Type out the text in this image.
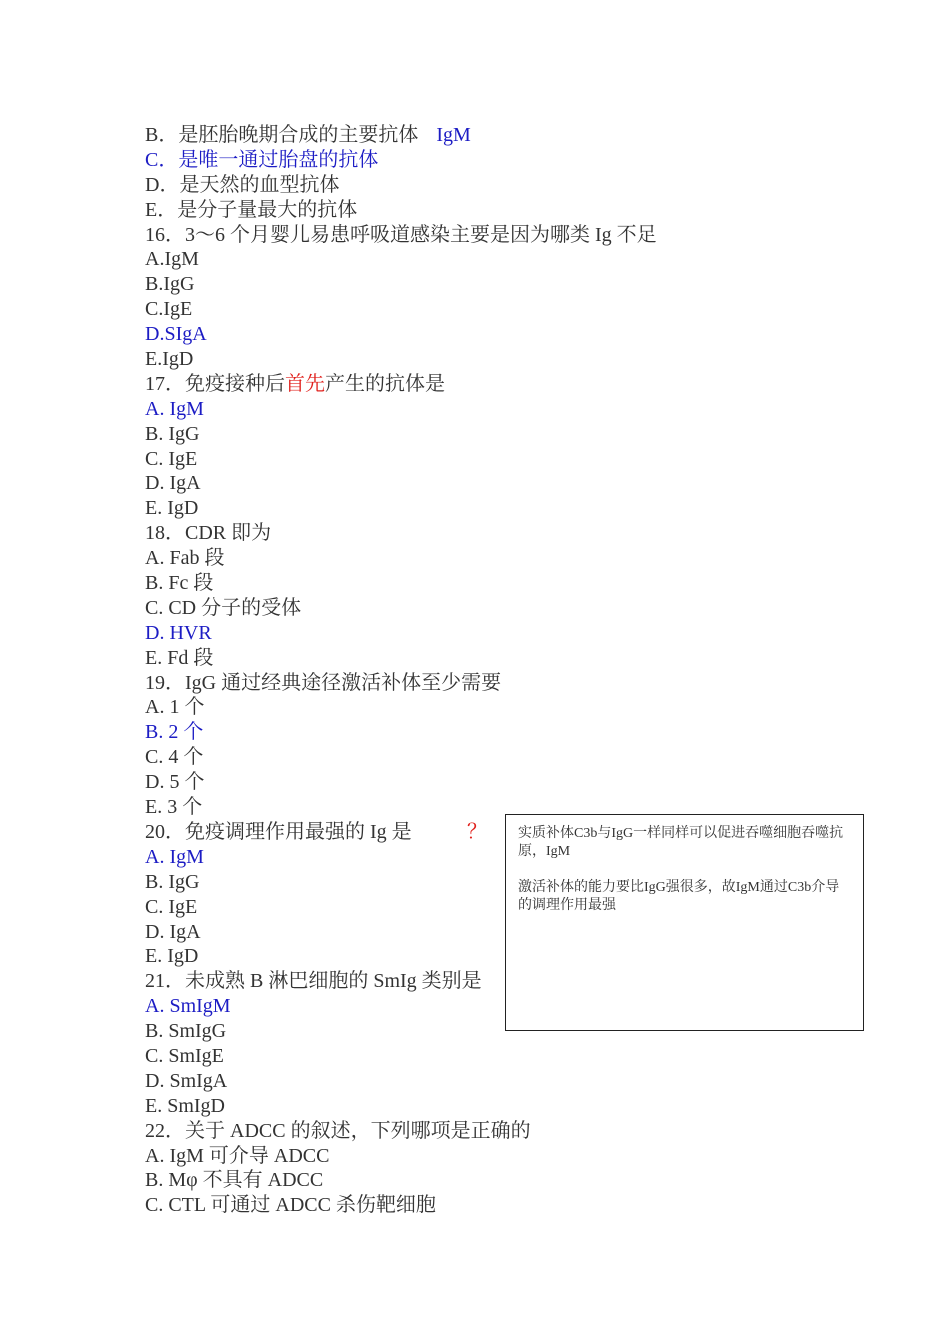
B．是胚胎晚期合成的主要抗体 IgM
C．是唯一通过胎盘的抗体
D．是天然的血型抗体
E．是分子量最大的抗体
16．3～6 个月婴儿易患呼吸道感染主要是因为哪类 Ig 不足
A.IgM
B.IgG
C.IgE
D.SIgA
E.IgD
17．免疫接种后首先产生的抗体是
A. IgM
B. IgG
C. IgE
D. IgA
E. IgD
18．CDR 即为
A. Fab 段
B. Fc 段
C. CD 分子的受体
D. HVR
E. Fd 段
19．IgG 通过经典途径激活补体至少需要
A. 1 个
B. 2 个
C. 4 个
D. 5 个
E. 3 个
20．免疫调理作用最强的 Ig 是	？
A. IgM
B. IgG
C. IgE
D. IgA
E. IgD
21．未成熟 B 淋巴细胞的 SmIg 类别是
A. SmIgM
B. SmIgG
C. SmIgE
D. SmIgA
E. SmIgD
22．关于 ADCC 的叙述，下列哪项是正确的
A. IgM 可介导 ADCC
B. Mφ 不具有 ADCC
C. CTL 可通过 ADCC 杀伤靶细胞

实质补体C3b与IgG一样同样可以促进吞噬细胞吞噬抗原，IgM

激活补体的能力要比IgG强很多，故IgM通过C3b介导的调理作用最强
